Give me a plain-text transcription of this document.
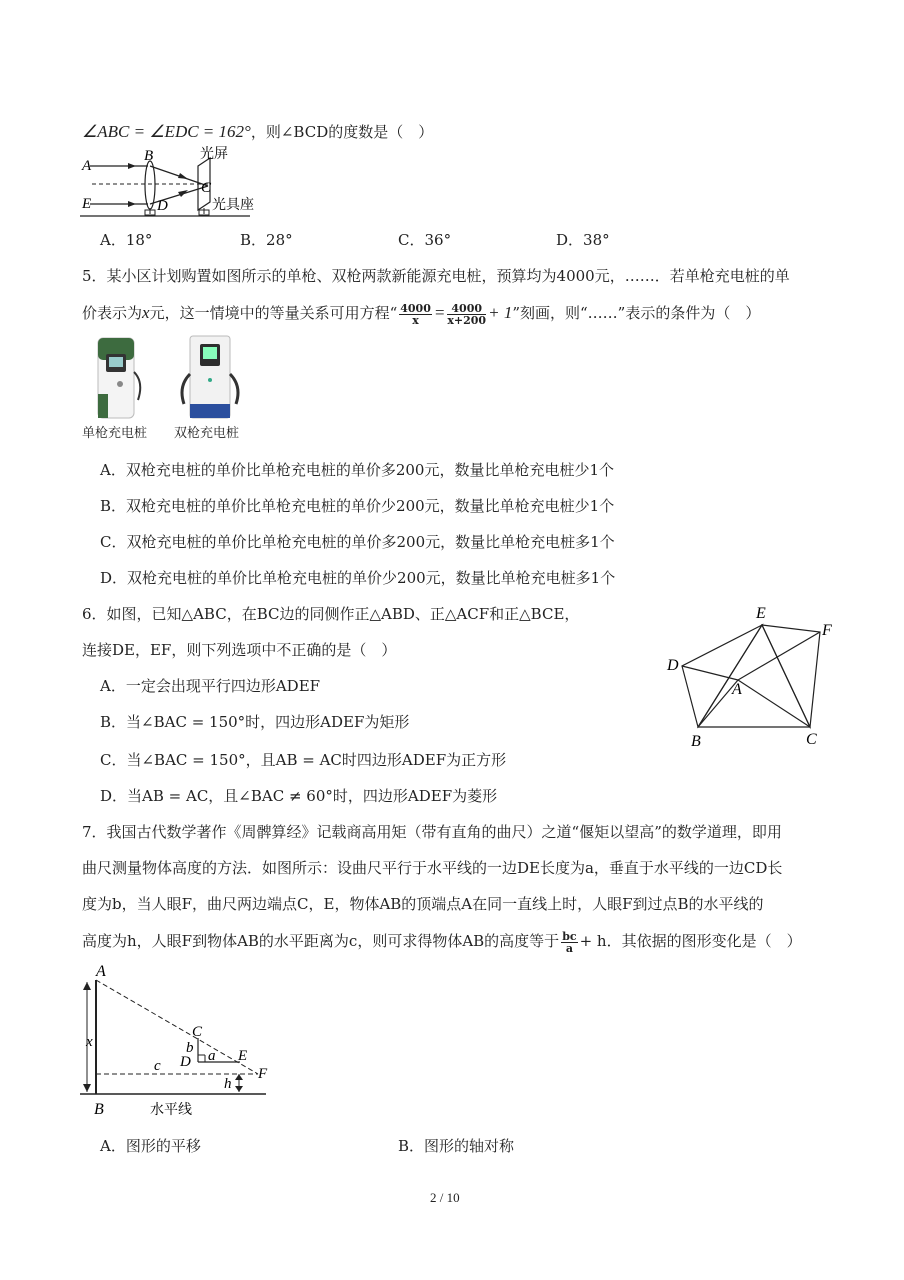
∠ABC = ∠EDC = 162°，则∠BCD的度数是（　）
A
B
E	D
C
光屏
光具座
A．18°	B．28°	C．36°	D．38°
5．某小区计划购置如图所示的单枪、双枪两款新能源充电桩，预算均为4000元，……．若单枪充电桩的单
价表示为x元，这一情境中的等量关系可用方程“ $\frac{4000}{x} = \frac{4000}{x+200} + 1$”刻画，则“……”表示的条件为（　）
单枪充电桩 双枪充电桩
A．双枪充电桩的单价比单枪充电桩的单价多200元，数量比单枪充电桩少1个
B．双枪充电桩的单价比单枪充电桩的单价少200元，数量比单枪充电桩少1个
C．双枪充电桩的单价比单枪充电桩的单价多200元，数量比单枪充电桩多1个
D．双枪充电桩的单价比单枪充电桩的单价少200元，数量比单枪充电桩多1个
6．如图，已知△ABC，在BC边的同侧作正△ABD、正△ACF和正△BCE，
连接DE，EF，则下列选项中不正确的是（　）
A．一定会出现平行四边形ADEF
B．当∠BAC = 150°时，四边形ADEF为矩形
C．当∠BAC = 150°，且AB = AC时四边形ADEF为正方形
D．当AB = AC，且∠BAC ≠ 60°时，四边形ADEF为菱形
E
F
D
A
B	C
7．我国古代数学著作《周髀算经》记载商高用矩（带有直角的曲尺）之道“偃矩以望高”的数学道理，即用
曲尺测量物体高度的方法．如图所示：设曲尺平行于水平线的一边DE长度为a，垂直于水平线的一边CD长
度为b，当人眼F，曲尺两边端点C，E，物体AB的顶端点A在同一直线上时，人眼F到过点B的水平线的
高度为h，人眼F到物体AB的水平距离为c，则可求得物体AB的高度等于 $\frac{bc}{a} + h$．其依据的图形变化是（　）
A
B
C
D	E
F
x	b a
c
h
水平线
A．图形的平移	B．图形的轴对称
2 / 10
